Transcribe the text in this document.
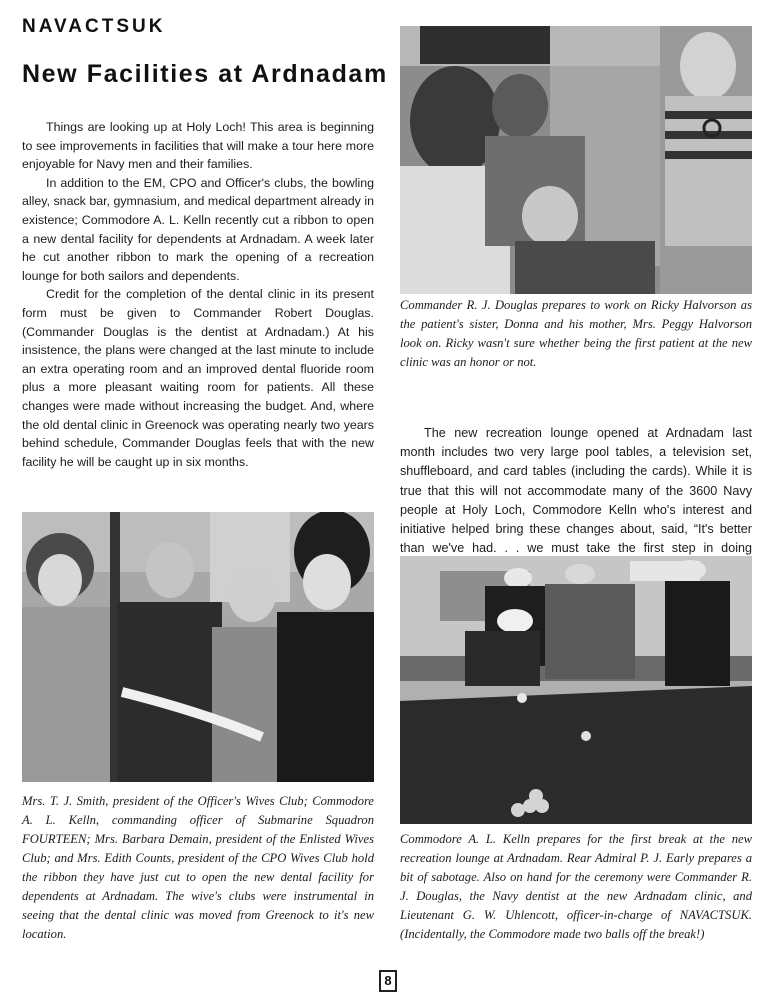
NAVACTSUK
New Facilities at Ardnadam

Things are looking up at Holy Loch! This area is beginning to see improvements in facilities that will make a tour here more enjoyable for Navy men and their families.

In addition to the EM, CPO and Officer's clubs, the bowling alley, snack bar, gymnasium, and medical department already in existence; Commodore A. L. Kelln recently cut a ribbon to open a new dental facility for dependents at Ardnadam. A week later he cut another ribbon to mark the opening of a recreation lounge for both sailors and dependents.

Credit for the completion of the dental clinic in its present form must be given to Commander Robert Douglas. (Commander Douglas is the dentist at Ardnadam.) At his insistence, the plans were changed at the last minute to include an extra operating room and an improved dental fluoride room plus a more pleasant waiting room for patients. All these changes were made without increasing the budget. And, where the old dental clinic in Greenock was operating nearly two years behind schedule, Commander Douglas feels that with the new facility he will be caught up in six months.

Commander R. J. Douglas prepares to work on Ricky Halvorson as the patient's sister, Donna and his mother, Mrs. Peggy Halvorson look on. Ricky wasn't sure whether being the first patient at the new clinic was an honor or not.

The new recreation lounge opened at Ardnadam last month includes two very large pool tables, a television set, shuffleboard, and card tables (including the cards). While it is true that this will not accommodate many of the 3600 Navy people at Holy Loch, Commodore Kelln who's interest and initiative helped bring these changes about, said, “It's better than we've had. . . we must take the first step in doing

Mrs. T. J. Smith, president of the Officer's Wives Club; Commodore A. L. Kelln, commanding officer of Submarine Squadron FOURTEEN; Mrs. Barbara Demain, president of the Enlisted Wives Club; and Mrs. Edith Counts, president of the CPO Wives Club hold the ribbon they have just cut to open the new dental facility for dependents at Ardnadam. The wive's clubs were instrumental in seeing that the dental clinic was moved from Greenock to it's new location.

Commodore A. L. Kelln prepares for the first break at the new recreation lounge at Ardnadam. Rear Admiral P. J. Early prepares a bit of sabotage. Also on hand for the ceremony were Commander R. J. Douglas, the Navy dentist at the new Ardnadam clinic, and Lieutenant G. W. Uhlencott, officer-in-charge of NAVACTSUK. (Incidentally, the Commodore made two balls off the break!)

8
